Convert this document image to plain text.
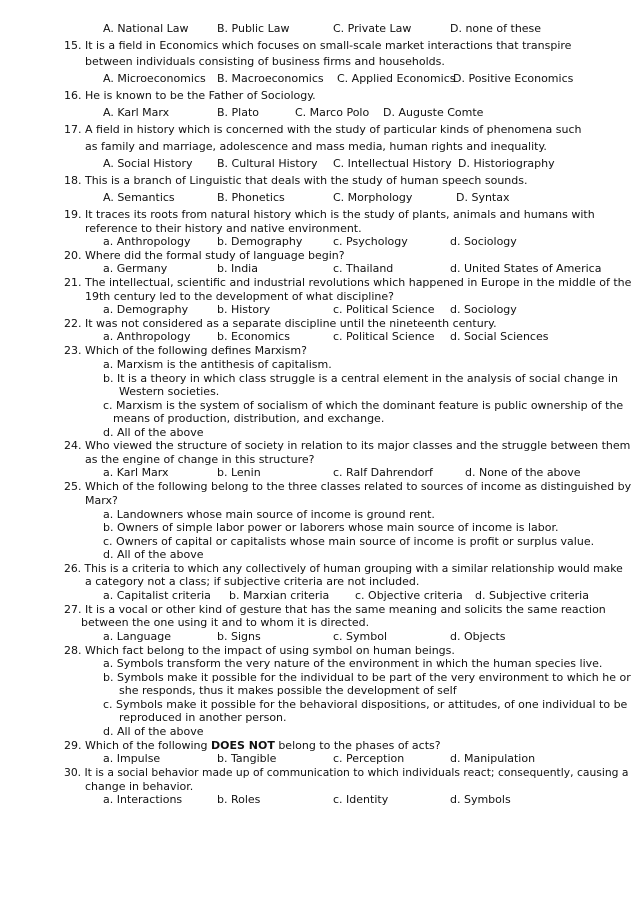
A. National Law	B. Public Law	C. Private Law	D. none of these
15. It is a field in Economics which focuses on small-scale market interactions that transpire
between individuals consisting of business firms and households.
A. Microeconomics B. Macroeconomics C. Applied Economics
D. Positive Economics
16. He is known to be the Father of Sociology.
A. Karl Marx	B. Plato	C. Marco Polo D. Auguste Comte
17. A field in history which is concerned with the study of particular kinds of phenomena such
as family and marriage, adolescence and mass media, human rights and inequality.
A. Social History B. Cultural History C. Intellectual History D. Historiography
18. This is a branch of Linguistic that deals with the study of human speech sounds.
A. Semantics	B. Phonetics	C. Morphology	D. Syntax
19. It traces its roots from natural history which is the study of plants, animals and humans with
reference to their history and native environment.
a. Anthropology b. Demography	c. Psychology	d. Sociology
20. Where did the formal study of language begin?
a. Germany	b. India	c. Thailand	d. United States of America
21. The intellectual, scientific and industrial revolutions which happened in Europe in the middle of the
19th century led to the development of what discipline?
a. Demography	b. History	c. Political Science d. Sociology
22. It was not considered as a separate discipline until the nineteenth century.
a. Anthropology b. Economics	c. Political Science d. Social Sciences
23. Which of the following defines Marxism?
a. Marxism is the antithesis of capitalism.
b. It is a theory in which class struggle is a central element in the analysis of social change in
Western societies.
c. Marxism is the system of socialism of which the dominant feature is public ownership of the
means of production, distribution, and exchange.
d. All of the above
24. Who viewed the structure of society in relation to its major classes and the struggle between them
as the engine of change in this structure?
a. Karl Marx	b. Lenin	c. Ralf Dahrendorf	d. None of the above
25. Which of the following belong to the three classes related to sources of income as distinguished by
Marx?
a. Landowners whose main source of income is ground rent.
b. Owners of simple labor power or laborers whose main source of income is labor.
c. Owners of capital or capitalists whose main source of income is profit or surplus value.
d. All of the above
26. This is a criteria to which any collectively of human grouping with a similar relationship would make
a category not a class; if subjective criteria are not included.
a. Capitalist criteria b. Marxian criteria c. Objective criteria d. Subjective criteria
27. It is a vocal or other kind of gesture that has the same meaning and solicits the same reaction
between the one using it and to whom it is directed.
a. Language	b. Signs	c. Symbol	d. Objects
28. Which fact belong to the impact of using symbol on human beings.
a. Symbols transform the very nature of the environment in which the human species live.
b. Symbols make it possible for the individual to be part of the very environment to which he or
she responds, thus it makes possible the development of self
c. Symbols make it possible for the behavioral dispositions, or attitudes, of one individual to be
reproduced in another person.
d. All of the above
29. Which of the following DOES NOT belong to the phases of acts?
a. Impulse	b. Tangible	c. Perception	d. Manipulation
30. It is a social behavior made up of communication to which individuals react; consequently, causing a
change in behavior.
a. Interactions	b. Roles	c. Identity	d. Symbols
